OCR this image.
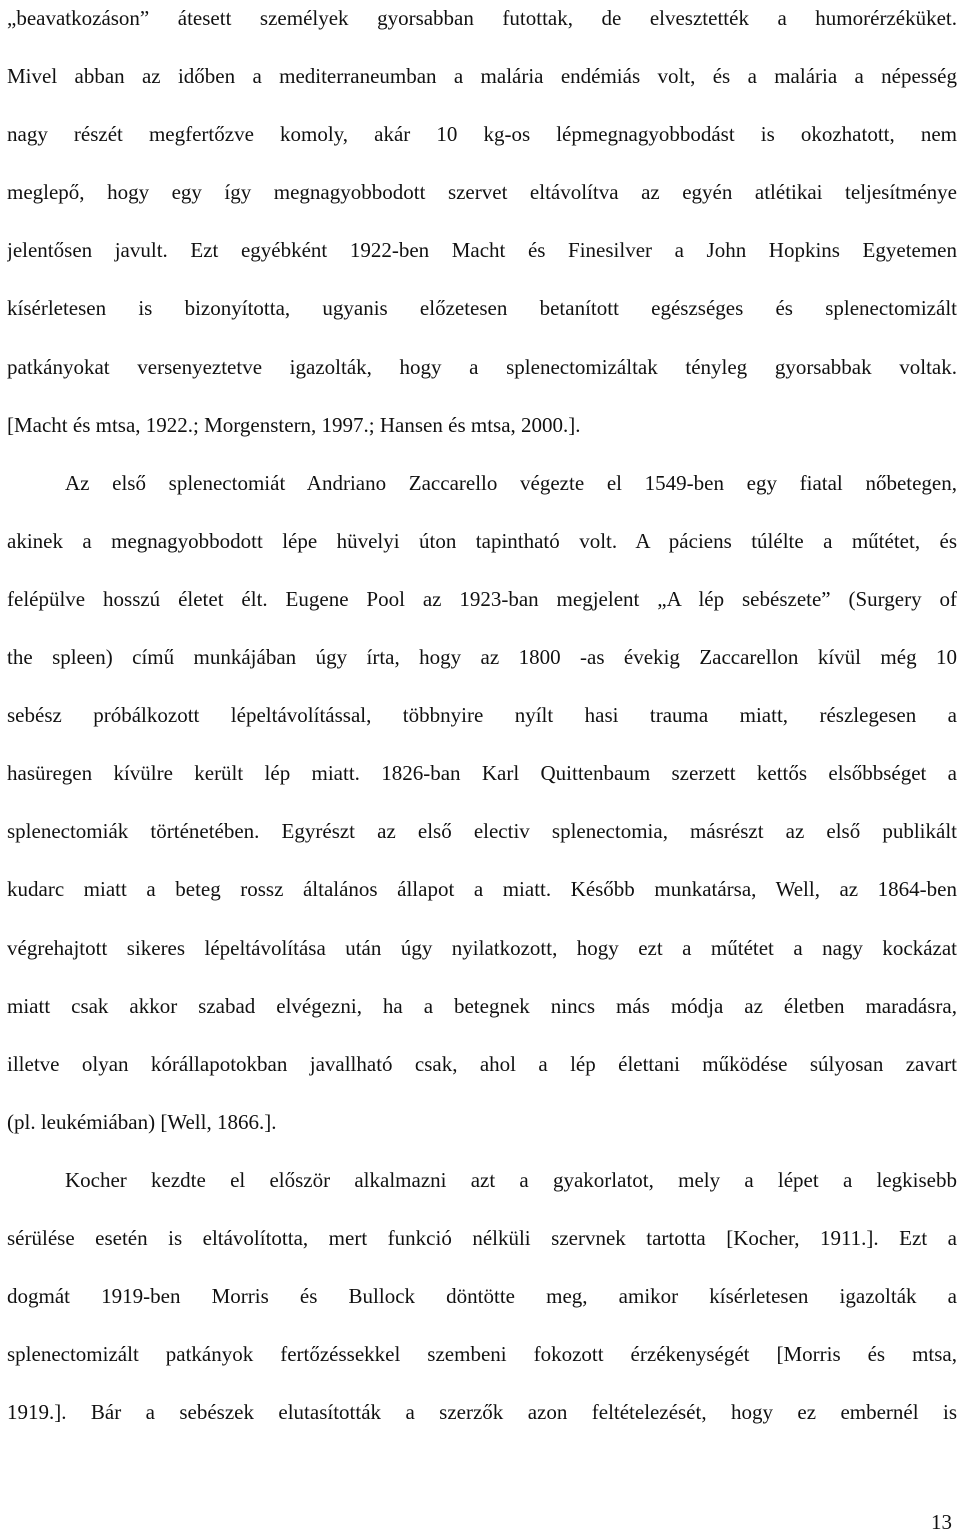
„beavatkozáson” átesett személyek gyorsabban futottak, de elvesztették a humorérzéküket.
Mivel abban az időben a mediterraneumban a malária endémiás volt, és a malária a népesség
nagy részét megfertőzve komoly, akár 10 kg-os lépmegnagyobbodást is okozhatott, nem
meglepő, hogy egy így megnagyobbodott szervet eltávolítva az egyén atlétikai teljesítménye
jelentősen javult. Ezt egyébként 1922-ben Macht és Finesilver a John Hopkins Egyetemen
kísérletesen is bizonyította, ugyanis előzetesen betanított egészséges és splenectomizált
patkányokat versenyeztetve igazolták, hogy a splenectomizáltak tényleg gyorsabbak voltak.
[Macht és mtsa, 1922.; Morgenstern, 1997.; Hansen és mtsa, 2000.].
Az első splenectomiát Andriano Zaccarello végezte el 1549-ben egy fiatal nőbetegen,
akinek a megnagyobbodott lépe hüvelyi úton tapintható volt. A páciens túlélte a műtétet, és
felépülve hosszú életet élt. Eugene Pool az 1923-ban megjelent „A lép sebészete” (Surgery of
the spleen) című munkájában úgy írta, hogy az 1800 -as évekig Zaccarellon kívül még 10
sebész próbálkozott lépeltávolítással, többnyire nyílt hasi trauma miatt, részlegesen a
hasüregen kívülre került lép miatt. 1826-ban Karl Quittenbaum szerzett kettős elsőbbséget a
splenectomiák történetében. Egyrészt az első electiv splenectomia, másrészt az első publikált
kudarc miatt a beteg rossz általános állapot a miatt. Később munkatársa, Well, az 1864-ben
végrehajtott sikeres lépeltávolítása után úgy nyilatkozott, hogy ezt a műtétet a nagy kockázat
miatt csak akkor szabad elvégezni, ha a betegnek nincs más módja az életben maradásra,
illetve olyan kórállapotokban javallható csak, ahol a lép élettani működése súlyosan zavart
(pl. leukémiában) [Well, 1866.].
Kocher kezdte el először alkalmazni azt a gyakorlatot, mely a lépet a legkisebb
sérülése esetén is eltávolította, mert funkció nélküli szervnek tartotta [Kocher, 1911.]. Ezt a
dogmát 1919-ben Morris és Bullock döntötte meg, amikor kísérletesen igazolták a
splenectomizált patkányok fertőzéssekkel szembeni fokozott érzékenységét [Morris és mtsa,
1919.]. Bár a sebészek elutasították a szerzők azon feltételezését, hogy ez embernél is
13
